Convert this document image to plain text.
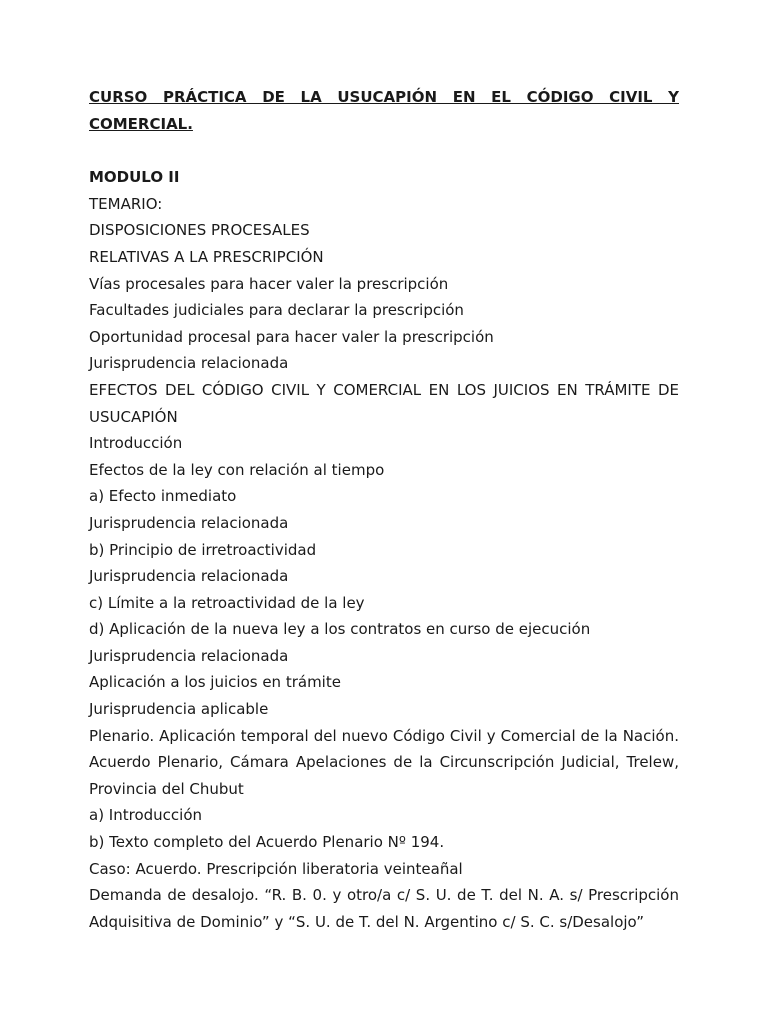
CURSO PRÁCTICA DE LA USUCAPIÓN EN EL CÓDIGO CIVIL Y
COMERCIAL.

MODULO II

TEMARIO:

DISPOSICIONES PROCESALES

RELATIVAS A LA PRESCRIPCIÓN

Vías procesales para hacer valer la prescripción

Facultades judiciales para declarar la prescripción

Oportunidad procesal para hacer valer la prescripción

Jurisprudencia relacionada

EFECTOS DEL CÓDIGO CIVIL Y COMERCIAL EN LOS JUICIOS EN TRÁMITE DE

USUCAPIÓN

Introducción

Efectos de la ley con relación al tiempo

a) Efecto inmediato

Jurisprudencia relacionada

b) Principio de irretroactividad

Jurisprudencia relacionada

c) Límite a la retroactividad de la ley

d) Aplicación de la nueva ley a los contratos en curso de ejecución

Jurisprudencia relacionada

Aplicación a los juicios en trámite

Jurisprudencia aplicable

Plenario. Aplicación temporal del nuevo Código Civil y Comercial de la Nación.

Acuerdo Plenario, Cámara Apelaciones de la Circunscripción Judicial, Trelew,

Provincia del Chubut

a) Introducción

b) Texto completo del Acuerdo Plenario Nº 194.

Caso: Acuerdo. Prescripción liberatoria veinteañal

Demanda de desalojo. “R. B. 0. y otro/a c/ S. U. de T. del N. A. s/ Prescripción

Adquisitiva de Dominio” y “S. U. de T. del N. Argentino c/ S. C. s/Desalojo”
